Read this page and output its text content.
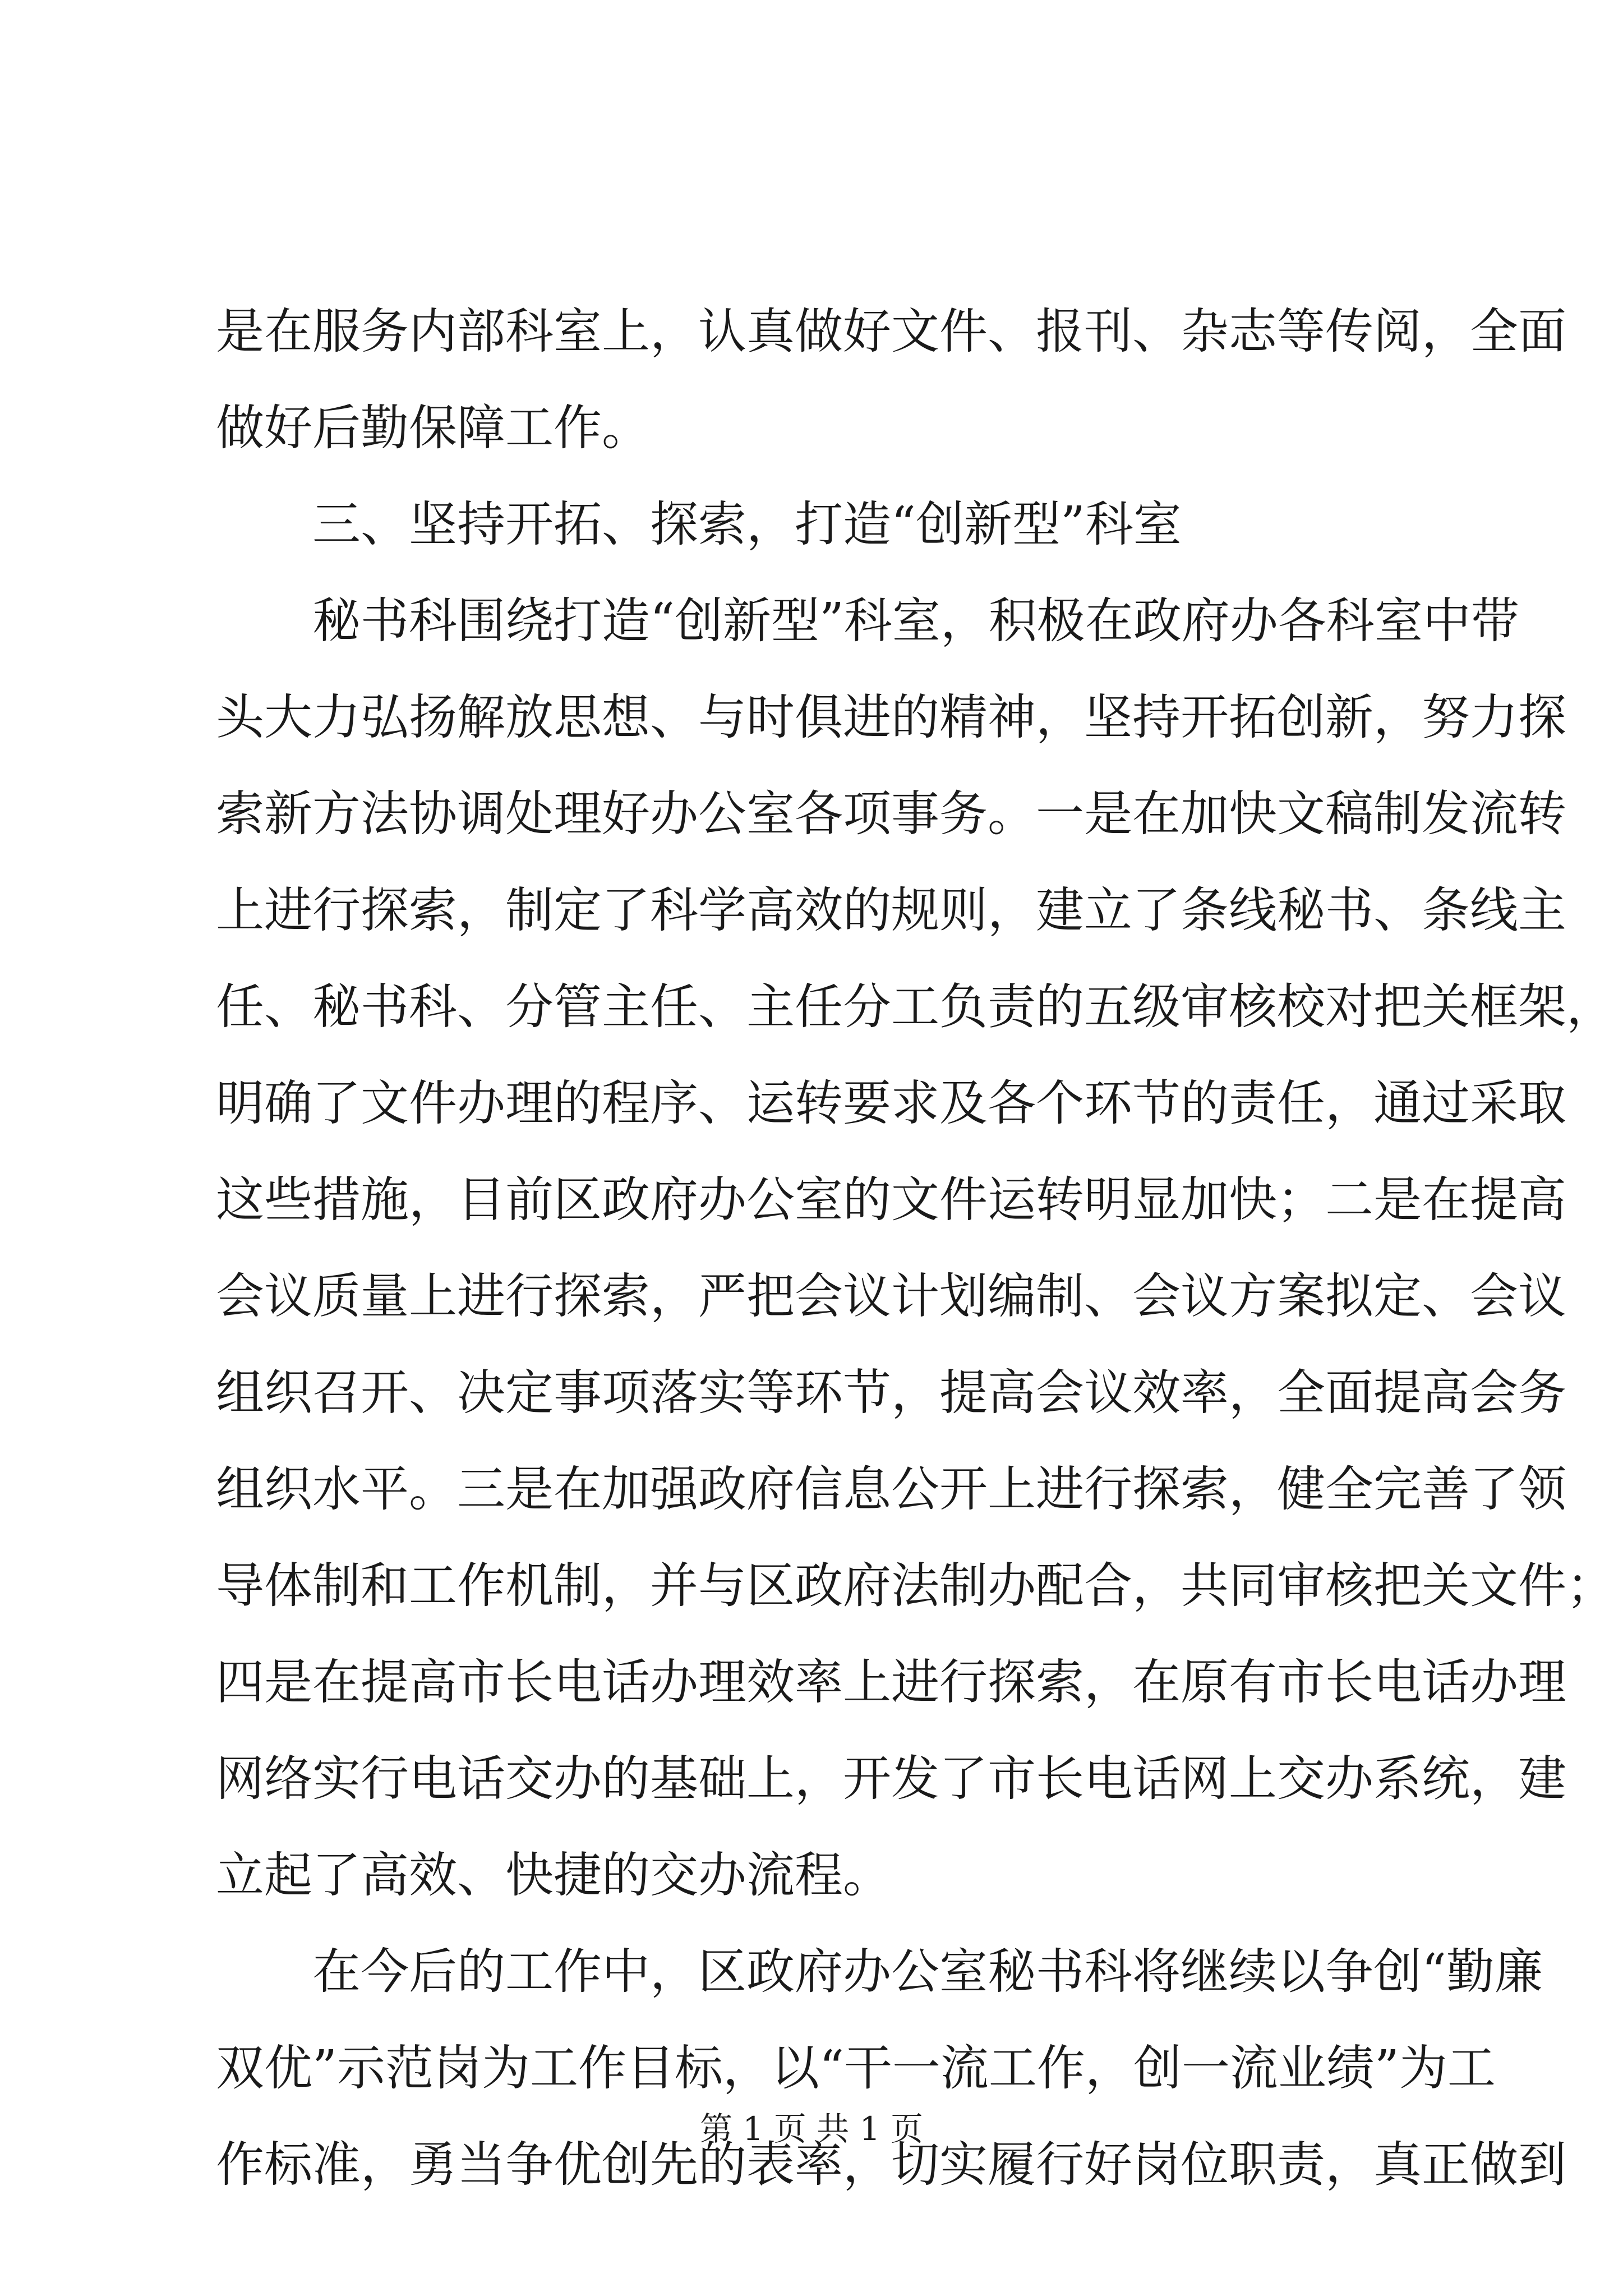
是在服务内部科室上，认真做好文件、报刊、杂志等传阅，全面
做好后勤保障工作。
三、坚持开拓、探索，打造“创新型”科室
秘书科围绕打造“创新型”科室，积极在政府办各科室中带
头大力弘扬解放思想、与时俱进的精神，坚持开拓创新，努力探
索新方法协调处理好办公室各项事务。一是在加快文稿制发流转
上进行探索，制定了科学高效的规则，建立了条线秘书、条线主
任、秘书科、分管主任、主任分工负责的五级审核校对把关框架，
明确了文件办理的程序、运转要求及各个环节的责任，通过采取
这些措施，目前区政府办公室的文件运转明显加快；二是在提高
会议质量上进行探索，严把会议计划编制、会议方案拟定、会议
组织召开、决定事项落实等环节，提高会议效率，全面提高会务
组织水平。三是在加强政府信息公开上进行探索，健全完善了领
导体制和工作机制，并与区政府法制办配合，共同审核把关文件；
四是在提高市长电话办理效率上进行探索，在原有市长电话办理
网络实行电话交办的基础上，开发了市长电话网上交办系统，建
立起了高效、快捷的交办流程。
在今后的工作中，区政府办公室秘书科将继续以争创“勤廉
双优”示范岗为工作目标，以“干一流工作，创一流业绩”为工
作标准，勇当争优创先的表率，切实履行好岗位职责，真正做到
第 1 页 共 1 页
